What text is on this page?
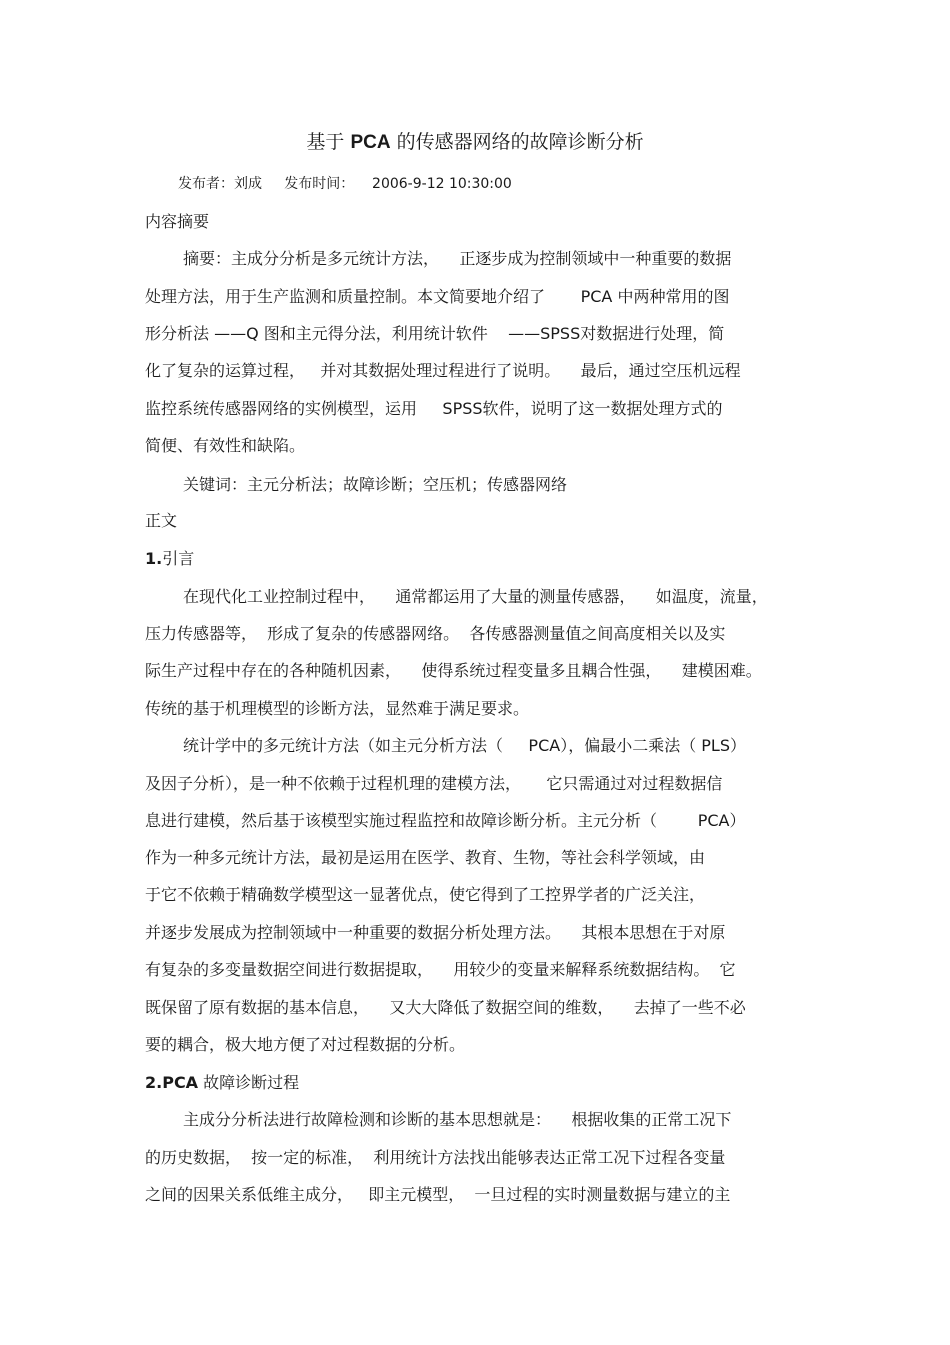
基于 PCA 的传感器网络的故障诊断分析
发布者：刘成     发布时间：    2006-9-12 10:30:00
内容摘要
摘要：主成分分析是多元统计方法，    正逐步成为控制领域中一种重要的数据
处理方法，用于生产监测和质量控制。本文简要地介绍了       PCA 中两种常用的图
形分析法 ——Q 图和主元得分法，利用统计软件    ——SPSS对数据进行处理，简
化了复杂的运算过程，   并对其数据处理过程进行了说明。    最后，通过空压机远程
监控系统传感器网络的实例模型，运用     SPSS软件，说明了这一数据处理方式的
简便、有效性和缺陷。
关键词：主元分析法；故障诊断；空压机；传感器网络
正文
1.引言
在现代化工业控制过程中，    通常都运用了大量的测量传感器，    如温度，流量，
压力传感器等，  形成了复杂的传感器网络。  各传感器测量值之间高度相关以及实
际生产过程中存在的各种随机因素，    使得系统过程变量多且耦合性强，    建模困难。
传统的基于机理模型的诊断方法，显然难于满足要求。
统计学中的多元统计方法（如主元分析方法（     PCA），偏最小二乘法（ PLS）
及因子分析），是一种不依赖于过程机理的建模方法，     它只需通过对过程数据信
息进行建模，然后基于该模型实施过程监控和故障诊断分析。主元分析（        PCA）
作为一种多元统计方法，最初是运用在医学、教育、生物，等社会科学领域，由
于它不依赖于精确数学模型这一显著优点，使它得到了工控界学者的广泛关注，
并逐步发展成为控制领域中一种重要的数据分析处理方法。    其根本思想在于对原
有复杂的多变量数据空间进行数据提取，    用较少的变量来解释系统数据结构。  它
既保留了原有数据的基本信息，    又大大降低了数据空间的维数，    去掉了一些不必
要的耦合，极大地方便了对过程数据的分析。
2.PCA 故障诊断过程
主成分分析法进行故障检测和诊断的基本思想就是：    根据收集的正常工况下
的历史数据，  按一定的标准，  利用统计方法找出能够表达正常工况下过程各变量
之间的因果关系低维主成分，   即主元模型，  一旦过程的实时测量数据与建立的主
